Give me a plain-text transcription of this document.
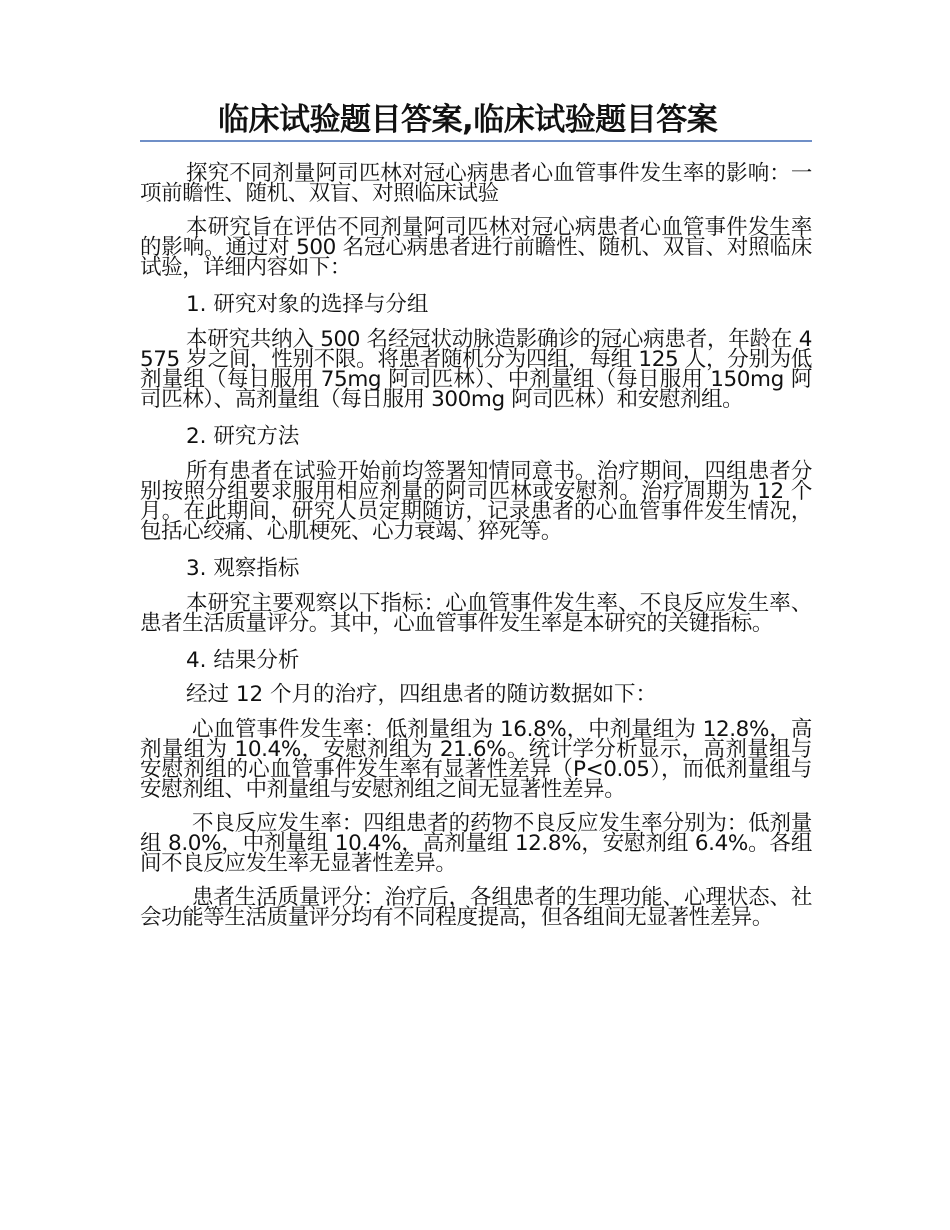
临床试验题目答案,临床试验题目答案

探究不同剂量阿司匹林对冠心病患者心血管事件发生率的影响：一项前瞻性、随机、双盲、对照临床试验

本研究旨在评估不同剂量阿司匹林对冠心病患者心血管事件发生率的影响。通过对 500 名冠心病患者进行前瞻性、随机、双盲、对照临床试验，详细内容如下：

1. 研究对象的选择与分组

本研究共纳入 500 名经冠状动脉造影确诊的冠心病患者，年龄在 4575 岁之间，性别不限。将患者随机分为四组，每组 125 人，分别为低剂量组（每日服用 75mg 阿司匹林）、中剂量组（每日服用 150mg 阿司匹林）、高剂量组（每日服用 300mg 阿司匹林）和安慰剂组。

2. 研究方法

所有患者在试验开始前均签署知情同意书。治疗期间，四组患者分别按照分组要求服用相应剂量的阿司匹林或安慰剂。治疗周期为 12 个月。在此期间，研究人员定期随访，记录患者的心血管事件发生情况，包括心绞痛、心肌梗死、心力衰竭、猝死等。

3. 观察指标

本研究主要观察以下指标：心血管事件发生率、不良反应发生率、患者生活质量评分。其中，心血管事件发生率是本研究的关键指标。

4. 结果分析
经过 12 个月的治疗，四组患者的随访数据如下：

心血管事件发生率：低剂量组为 16.8%，中剂量组为 12.8%，高剂量组为 10.4%，安慰剂组为 21.6%。统计学分析显示，高剂量组与安慰剂组的心血管事件发生率有显著性差异（P<0.05），而低剂量组与安慰剂组、中剂量组与安慰剂组之间无显著性差异。

不良反应发生率：四组患者的药物不良反应发生率分别为：低剂量组 8.0%，中剂量组 10.4%，高剂量组 12.8%，安慰剂组 6.4%。各组间不良反应发生率无显著性差异。

患者生活质量评分：治疗后，各组患者的生理功能、心理状态、社会功能等生活质量评分均有不同程度提高，但各组间无显著性差异。
